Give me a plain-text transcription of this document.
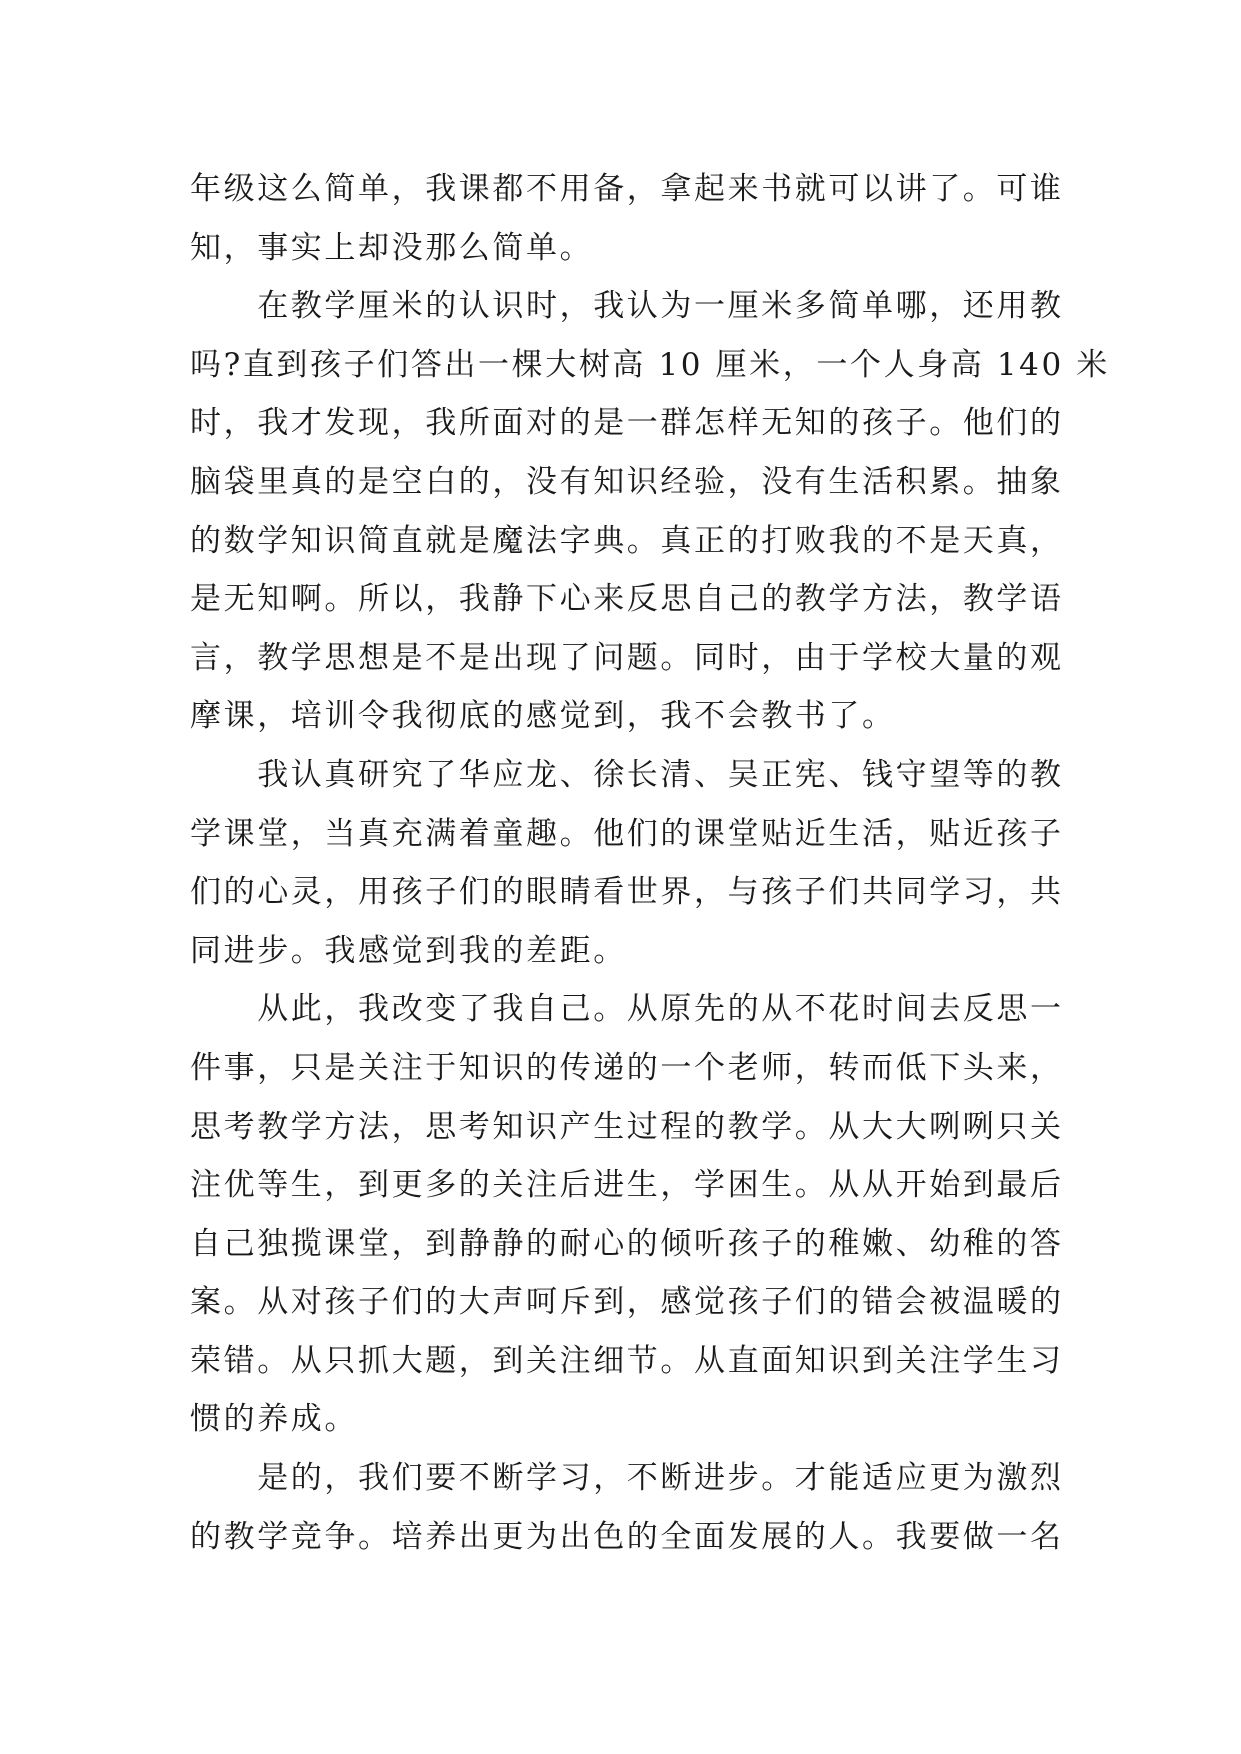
年级这么简单，我课都不用备，拿起来书就可以讲了。可谁
知，事实上却没那么简单。
　　在教学厘米的认识时，我认为一厘米多简单哪，还用教
吗?直到孩子们答出一棵大树高 10 厘米，一个人身高 140 米
时，我才发现，我所面对的是一群怎样无知的孩子。他们的
脑袋里真的是空白的，没有知识经验，没有生活积累。抽象
的数学知识简直就是魔法字典。真正的打败我的不是天真，
是无知啊。所以，我静下心来反思自己的教学方法，教学语
言，教学思想是不是出现了问题。同时，由于学校大量的观
摩课，培训令我彻底的感觉到，我不会教书了。
　　我认真研究了华应龙、徐长清、吴正宪、钱守望等的教
学课堂，当真充满着童趣。他们的课堂贴近生活，贴近孩子
们的心灵，用孩子们的眼睛看世界，与孩子们共同学习，共
同进步。我感觉到我的差距。
　　从此，我改变了我自己。从原先的从不花时间去反思一
件事，只是关注于知识的传递的一个老师，转而低下头来，
思考教学方法，思考知识产生过程的教学。从大大咧咧只关
注优等生，到更多的关注后进生，学困生。从从开始到最后
自己独揽课堂，到静静的耐心的倾听孩子的稚嫩、幼稚的答
案。从对孩子们的大声呵斥到，感觉孩子们的错会被温暖的
荣错。从只抓大题，到关注细节。从直面知识到关注学生习
惯的养成。
　　是的，我们要不断学习，不断进步。才能适应更为激烈
的教学竞争。培养出更为出色的全面发展的人。我要做一名
